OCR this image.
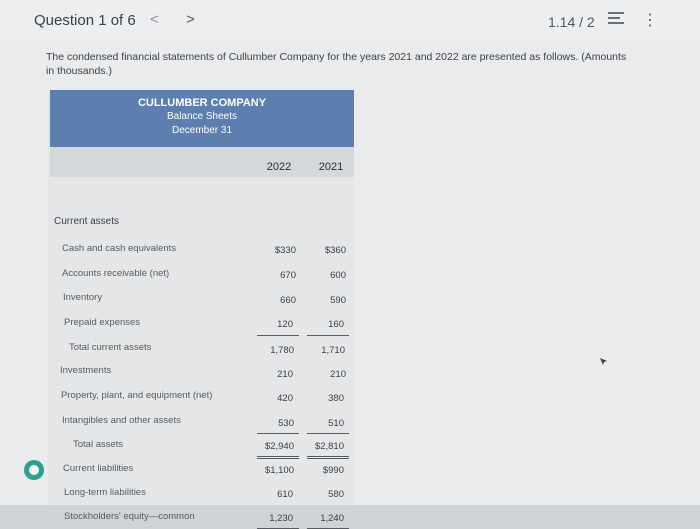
Question 1 of 6 < >	1.14 / 2	⋮
The condensed financial statements of Cullumber Company for the years 2021 and 2022 are presented as follows. (Amounts in thousands.)
CULLUMBER COMPANY
Balance Sheets
December 31
2022	2021
Current assets
Cash and cash equivalents	$330	$360
Accounts receivable (net)	670	600
Inventory	660	590
Prepaid expenses	120	160
Total current assets	1,780	1,710
Investments	210	210
Property, plant, and equipment (net)	420	380
Intangibles and other assets	530	510
Total assets	$2,940	$2,810
Current liabilities	$1,100	$990
Long-term liabilities	610	580
Stockholders' equity—common	1,230	1,240
